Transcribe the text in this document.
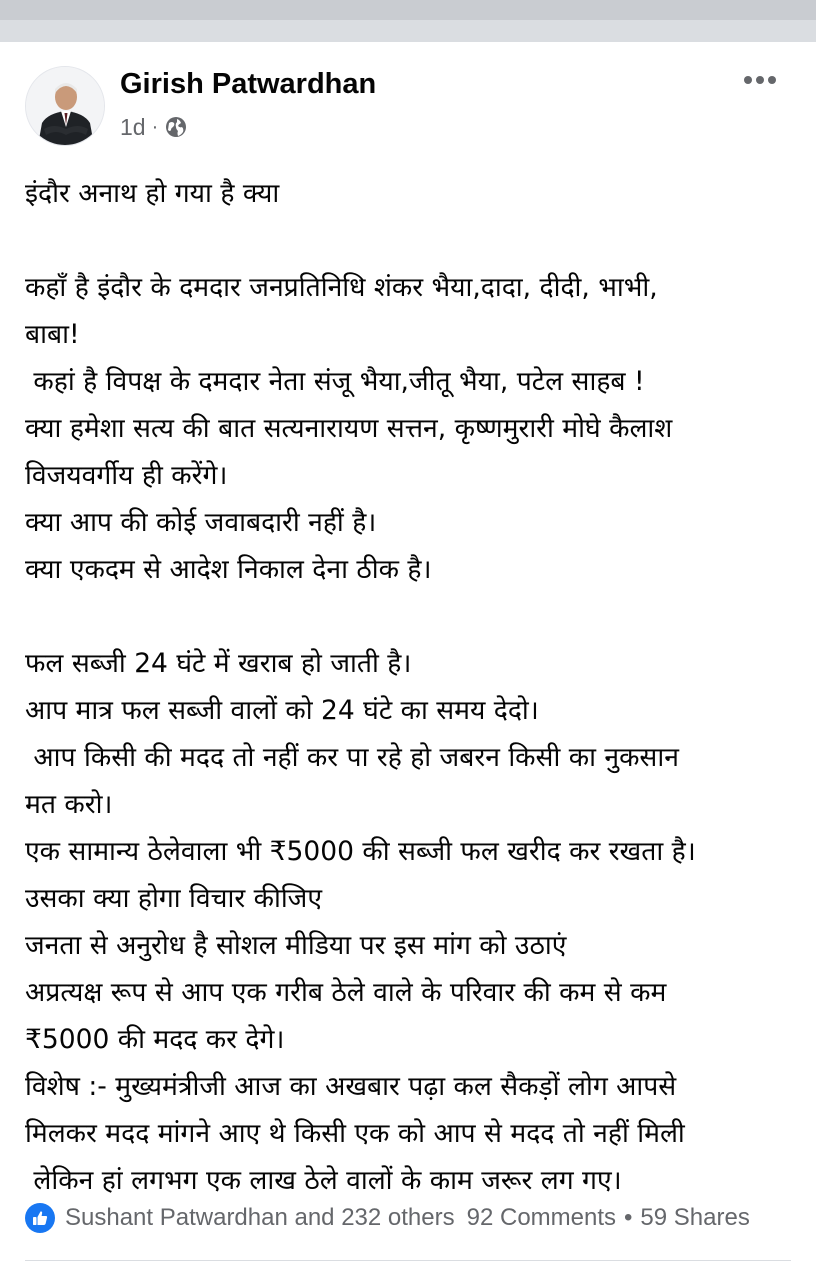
Girish Patwardhan
1d ·
इंदौर अनाथ हो गया है क्या
कहाँ है इंदौर के दमदार जनप्रतिनिधि शंकर भैया,दादा, दीदी, भाभी,
बाबा!
कहां है विपक्ष के दमदार नेता संजू भैया,जीतू भैया, पटेल साहब !
क्या हमेशा सत्य की बात सत्यनारायण सत्तन, कृष्णमुरारी मोघे कैलाश
विजयवर्गीय ही करेंगे।
क्या आप की कोई जवाबदारी नहीं है।
क्या एकदम से आदेश निकाल देना ठीक है।
फल सब्जी 24 घंटे में खराब हो जाती है।
आप मात्र फल सब्जी वालों को 24 घंटे का समय देदो।
आप किसी की मदद तो नहीं कर पा रहे हो जबरन किसी का नुकसान
मत करो।
एक सामान्य ठेलेवाला भी ₹5000 की सब्जी फल खरीद कर रखता है।
उसका क्या होगा विचार कीजिए
जनता से अनुरोध है सोशल मीडिया पर इस मांग को उठाएं
अप्रत्यक्ष रूप से आप एक गरीब ठेले वाले के परिवार की कम से कम
₹5000 की मदद कर देगे।
विशेष :- मुख्यमंत्रीजी आज का अखबार पढ़ा कल सैकड़ों लोग आपसे
मिलकर मदद मांगने आए थे किसी एक को आप से मदद तो नहीं मिली
लेकिन हां लगभग एक लाख ठेले वालों के काम जरूर लग गए।
Sushant Patwardhan and 232 others 92 Comments • 59 Shares
